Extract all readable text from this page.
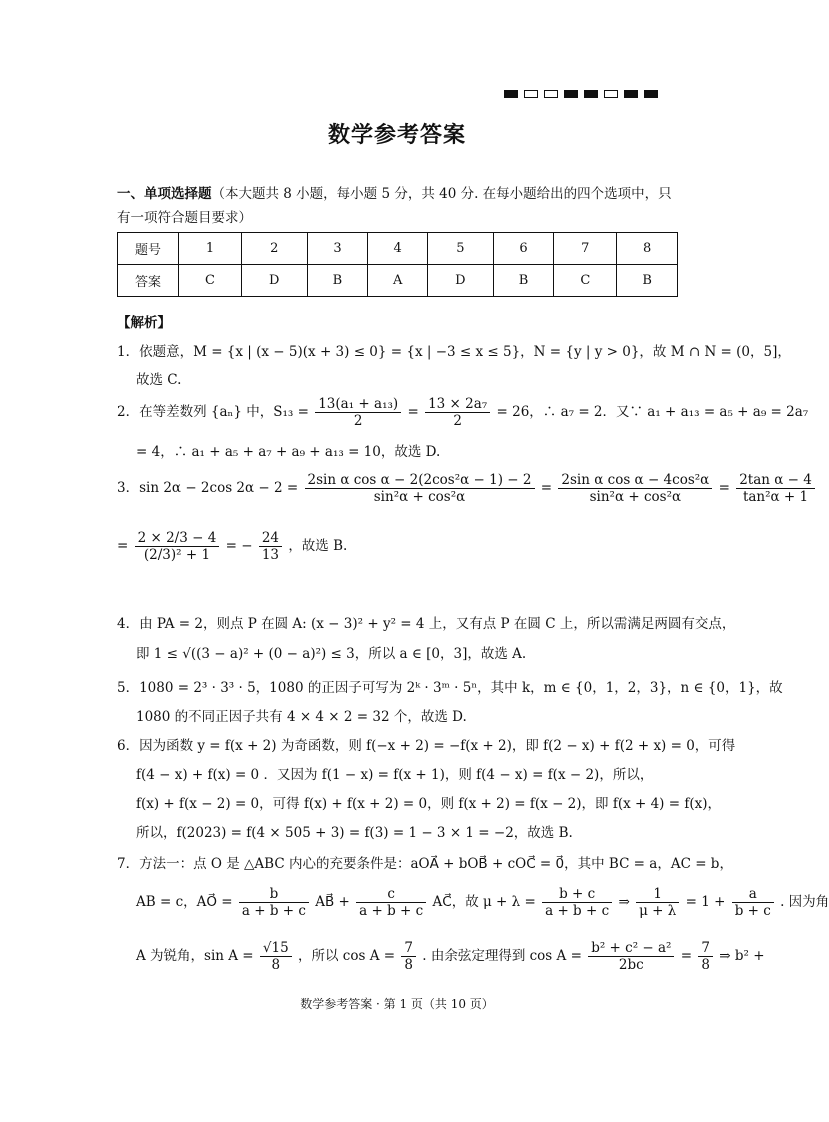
数学参考答案
一、单项选择题（本大题共 8 小题，每小题 5 分，共 40 分. 在每小题给出的四个选项中，只
有一项符合题目要求）
题号	1	2	3	4	5	6	7	8
答案	C	D	B	A	D	B	C	B
【解析】
1．依题意，M = {x | (x − 5)(x + 3) ≤ 0} = {x | −3 ≤ x ≤ 5}，N = {y | y > 0}，故 M ∩ N = (0，5]，
故选 C.
2．在等差数列 {aₙ} 中，$S_{13} = \frac{\text{13(a₁ + a₁₃)}}{2} = \frac{\text{13 × 2a₇}}{2} = 26$，∴ a₇ = 2．又∵ a₁ + a₁₃ = a₅ + a₉ = 2a₇
= 4，∴ a₁ + a₅ + a₇ + a₉ + a₁₃ = 10，故选 D.
3．sin 2α − 2cos $2\alpha - 2 = \frac{\text{2sin α cos α − 2(2cos²α − 1) − 2}}{\text{sin²α + cos²α}} = \frac{\text{2sin α cos α − 4cos²α}}{\text{sin²α + cos²α}} = \frac{\text{2tan α − 4}}{\text{tan²α + 1}}$
= $\frac{2 \times 2/3 - 4}{\text{(2/3)² + 1}}$ = − $\frac{24}{13}$ ，故选 B.
4．由 PA = 2，则点 P 在圆 A: (x − 3)² + y² = 4 上，又有点 P 在圆 C 上，所以需满足两圆有交点，
即 1 ≤ √((3 − a)² + (0 − a)²) ≤ 3，所以 a ∈ [0，3]，故选 A.
5．1080 = 2³ · 3³ · 5，1080 的正因子可写为 2ᵏ · 3ᵐ · 5ⁿ，其中 k，m ∈ {0，1，2，3}，n ∈ {0，1}，故
1080 的不同正因子共有 4 × 4 × 2 = 32 个，故选 D.
6．因为函数 y = f(x + 2) 为奇函数，则 f(−x + 2) = −f(x + 2)，即 f(2 − x) + f(2 + x) = 0，可得
f(4 − x) + f(x) = 0 ．又因为 f(1 − x) = f(x + 1)，则 f(4 − x) = f(x − 2)，所以，
f(x) + f(x − 2) = 0，可得 f(x) + f(x + 2) = 0，则 f(x + 2) = f(x − 2)，即 f(x + 4) = f(x)，
所以，f(2023) = f(4 × 505 + 3) = f(3) = 1 − 3 × 1 = −2，故选 B.
7．方法一：点 O 是 △ABC 内心的充要条件是：aOA⃗ + bOB⃗ + cOC⃗ = 0⃗，其中 BC = a，AC = b，
AB = c，AO⃗ = $\frac{b}{a + b + c}$ AB⃗ + $\frac{c}{a + b + c}$ AC⃗，故 $\mu + \lambda = \frac{b + c}{a + b + c}$ ⇒ $\frac{1}{\mu + \lambda} = 1 + \frac{a}{b + c}$ . 因为角
A 为锐角，$\sin A = \frac{√15}{8}$ ，所以 $\cos A = \frac{7}{8}$ . 由余弦定理得到 $\cos A = \frac{\text{b² + c² − a²}}{2bc} = \frac{7}{8}$ ⇒ b² +
数学参考答案 · 第 1 页（共 10 页）
